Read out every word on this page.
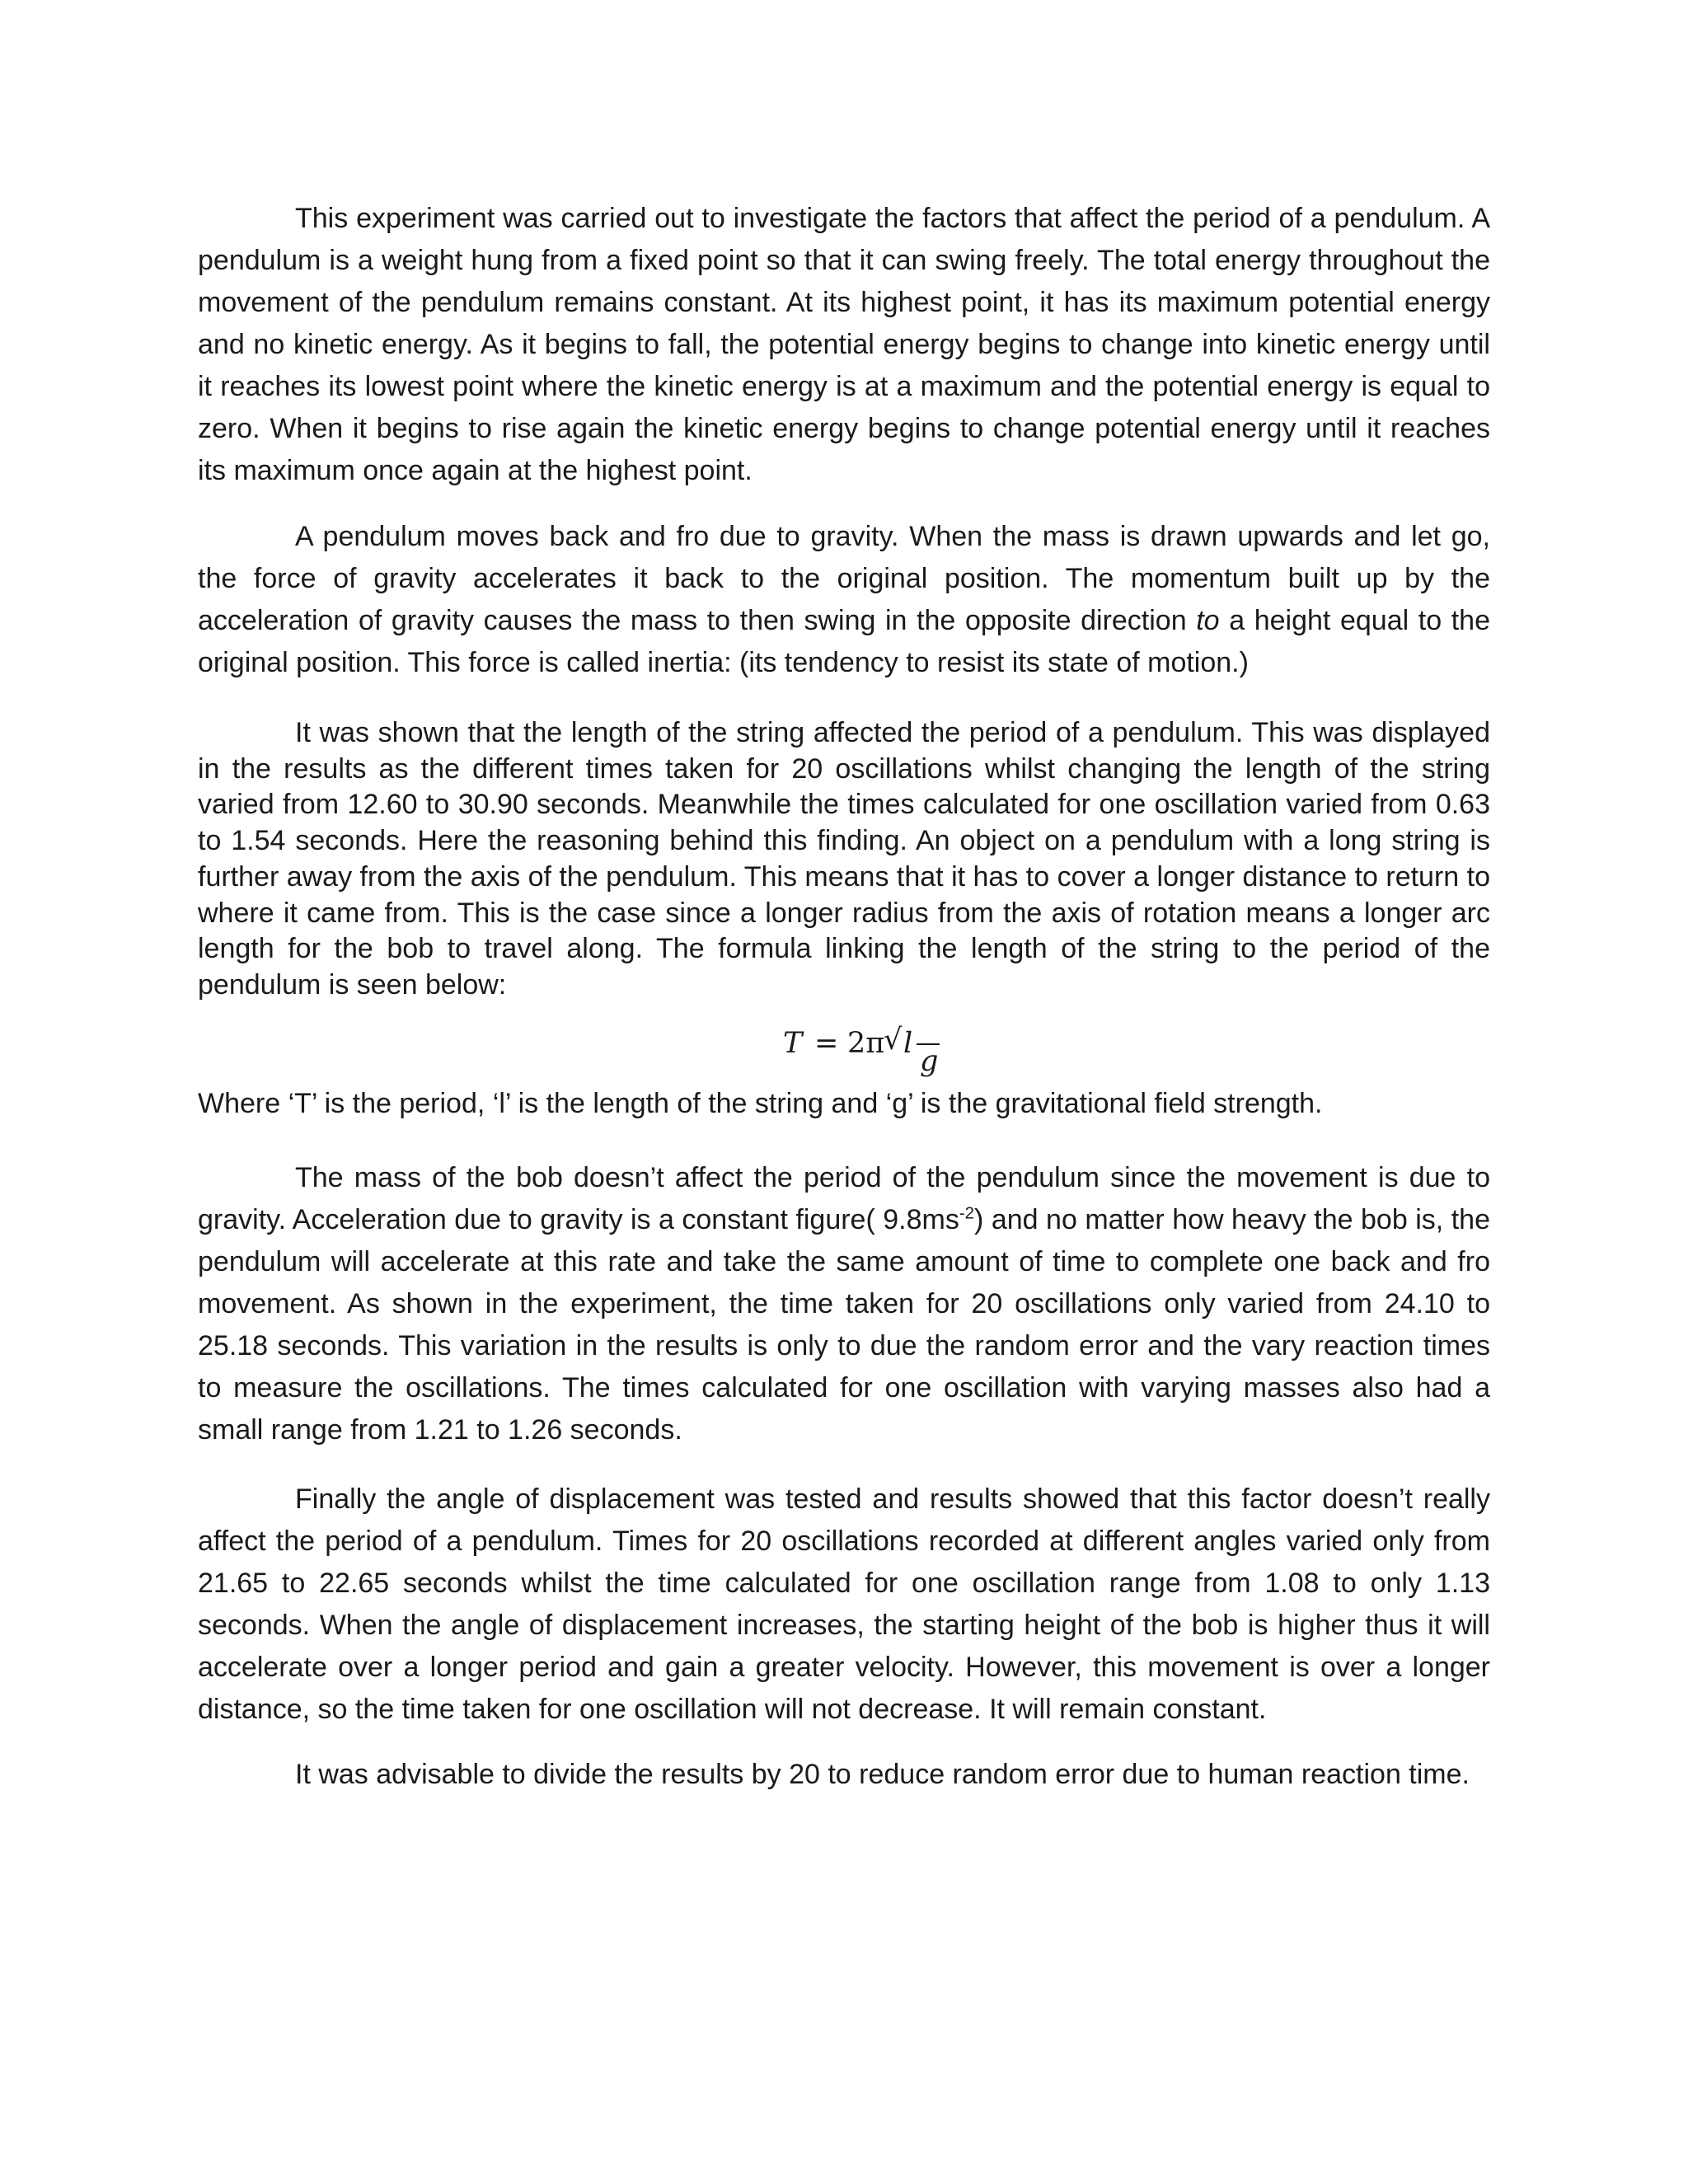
This experiment was carried out to investigate the factors that affect the period of a pendulum. A pendulum is a weight hung from a fixed point so that it can swing freely. The total energy throughout the movement of the pendulum remains constant. At its highest point, it has its maximum potential energy and no kinetic energy. As it begins to fall, the potential energy begins to change into kinetic energy until it reaches its lowest point where the kinetic energy is at a maximum and the potential energy is equal to zero. When it begins to rise again the kinetic energy begins to change potential energy until it reaches its maximum once again at the highest point.

A pendulum moves back and fro due to gravity. When the mass is drawn upwards and let go, the force of gravity accelerates it back to the original position. The momentum built up by the acceleration of gravity causes the mass to then swing in the opposite direction to a height equal to the original position. This force is called inertia: (its tendency to resist its state of motion.)

It was shown that the length of the string affected the period of a pendulum. This was displayed in the results as the different times taken for 20 oscillations whilst changing the length of the string varied from 12.60 to 30.90 seconds. Meanwhile the times calculated for one oscillation varied from 0.63 to 1.54 seconds. Here the reasoning behind this finding. An object on a pendulum with a long string is further away from the axis of the pendulum. This means that it has to cover a longer distance to return to where it came from. This is the case since a longer radius from the axis of rotation means a longer arc length for the bob to travel along. The formula linking the length of the string to the period of the pendulum is seen below:

T = 2π
√ l
g

Where ‘T’ is the period, ‘l’ is the length of the string and ‘g’ is the gravitational field strength.

The mass of the bob doesn’t affect the period of the pendulum since the movement is due to gravity. Acceleration due to gravity is a constant figure( $9.8ms^{-2}$) and no matter how heavy the bob is, the pendulum will accelerate at this rate and take the same amount of time to complete one back and fro movement. As shown in the experiment, the time taken for 20 oscillations only varied from 24.10 to 25.18 seconds. This variation in the results is only to due the random error and the vary reaction times to measure the oscillations. The times calculated for one oscillation with varying masses also had a small range from 1.21 to 1.26 seconds.

Finally the angle of displacement was tested and results showed that this factor doesn’t really affect the period of a pendulum. Times for 20 oscillations recorded at different angles varied only from 21.65 to 22.65 seconds whilst the time calculated for one oscillation range from 1.08 to only 1.13 seconds. When the angle of displacement increases, the starting height of the bob is higher thus it will accelerate over a longer period and gain a greater velocity. However, this movement is over a longer distance, so the time taken for one oscillation will not decrease. It will remain constant.

It was advisable to divide the results by 20 to reduce random error due to human reaction time.
